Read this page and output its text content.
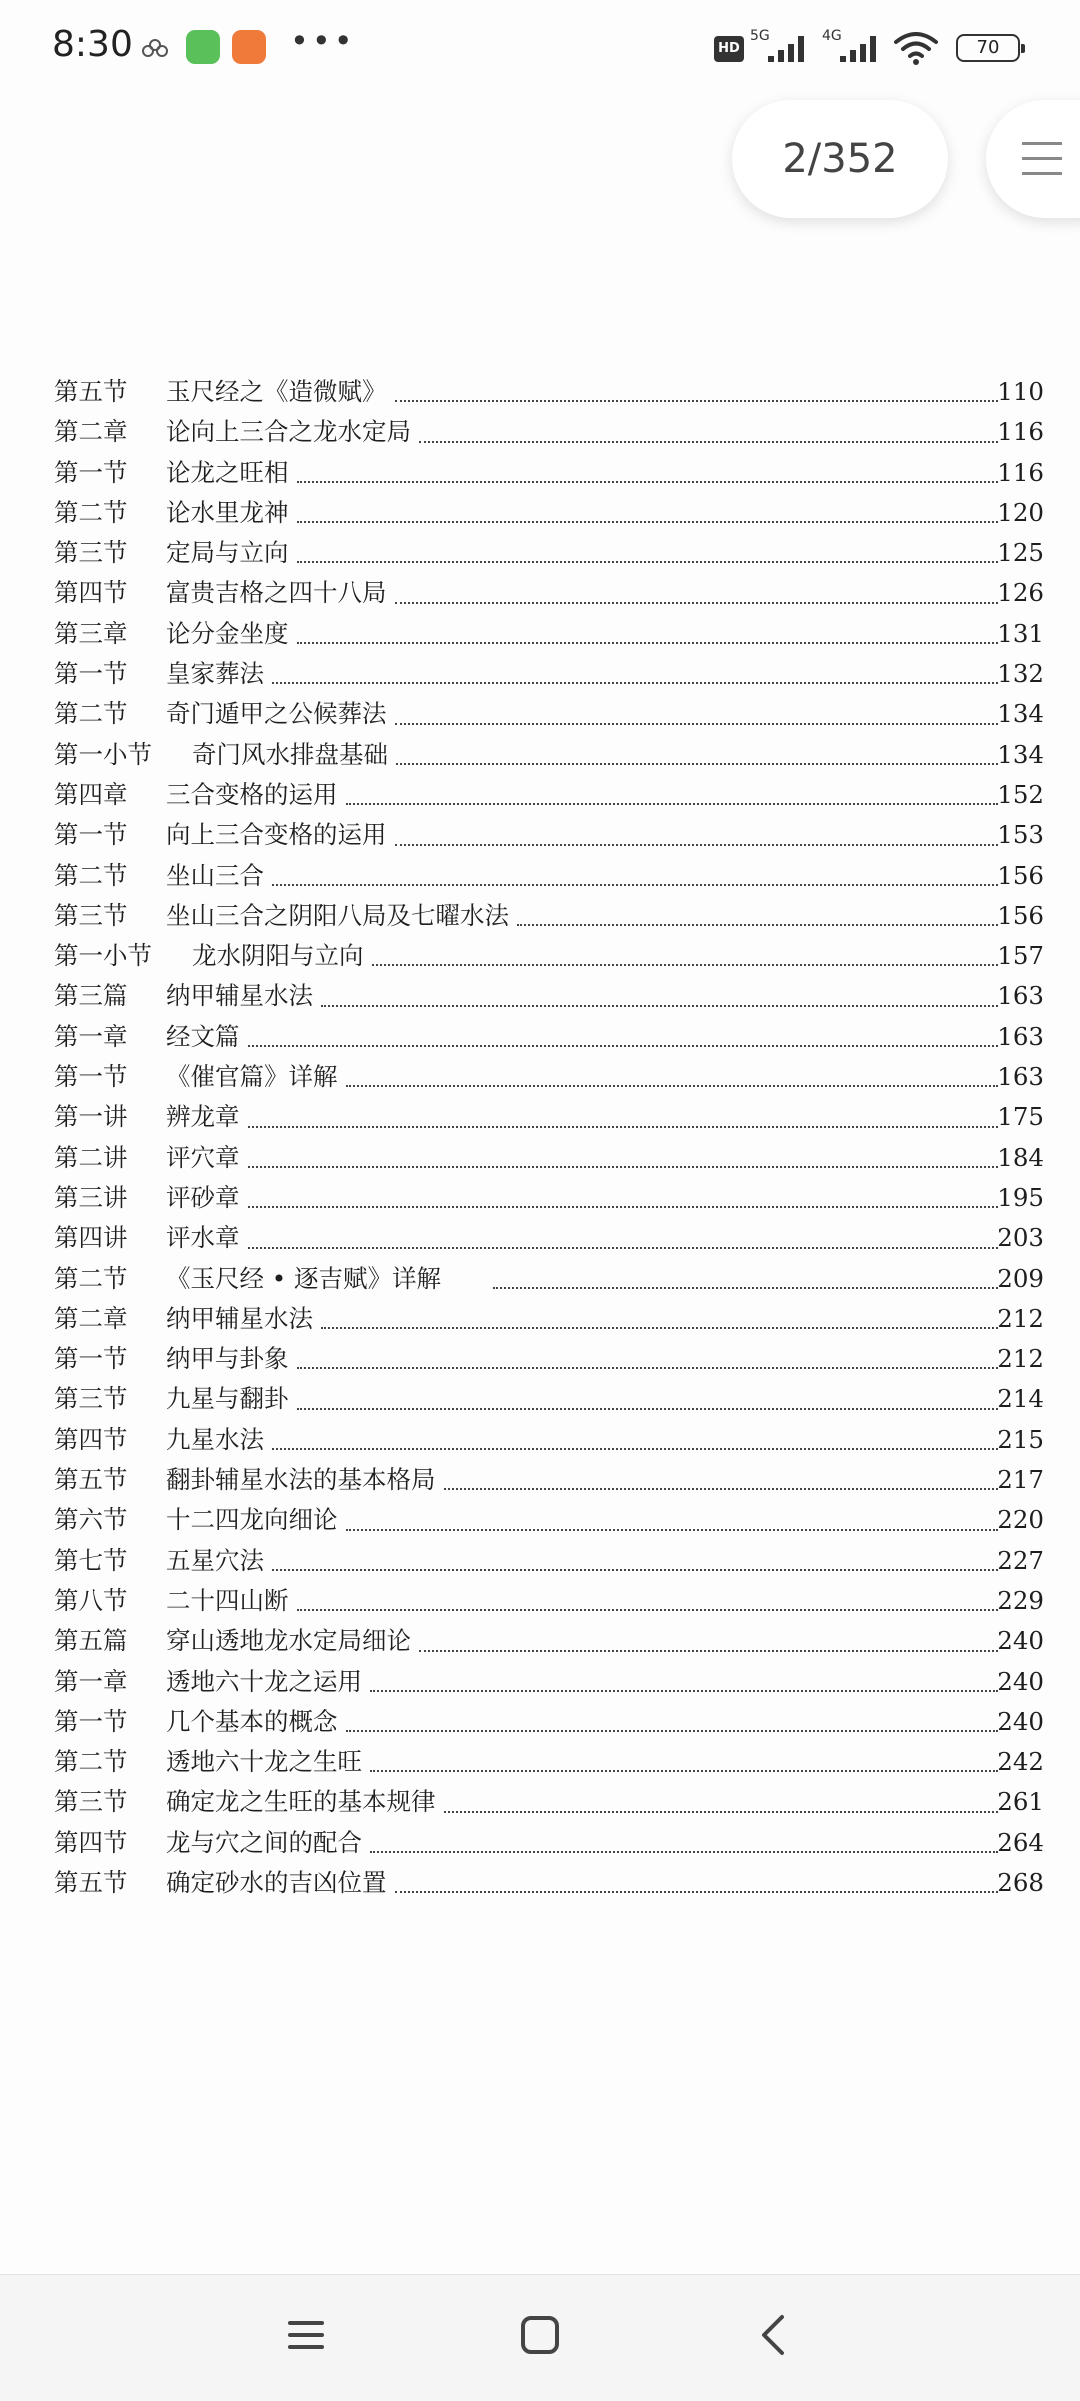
8:30	•••	HD
5G	4G
70
2/352
第五节 玉尺经之《造微赋》	110
第二章 论向上三合之龙水定局	116
第一节 论龙之旺相	116
第二节 论水里龙神	120
第三节 定局与立向	125
第四节 富贵吉格之四十八局	126
第三章 论分金坐度	131
第一节 皇家葬法	132
第二节 奇门遁甲之公候葬法	134
第一小节 奇门风水排盘基础	134
第四章 三合变格的运用	152
第一节 向上三合变格的运用	153
第二节 坐山三合	156
第三节 坐山三合之阴阳八局及七曜水法	156
第一小节 龙水阴阳与立向	157
第三篇 纳甲辅星水法	163
第一章 经文篇	163
第一节 《催官篇》详解	163
第一讲 辨龙章	175
第二讲 评穴章	184
第三讲 评砂章	195
第四讲 评水章	203
第二节 《玉尺经 • 逐吉赋》详解	209
第二章 纳甲辅星水法	212
第一节 纳甲与卦象	212
第三节 九星与翻卦	214
第四节 九星水法	215
第五节 翻卦辅星水法的基本格局	217
第六节 十二四龙向细论	220
第七节 五星穴法	227
第八节 二十四山断	229
第五篇 穿山透地龙水定局细论	240
第一章 透地六十龙之运用	240
第一节 几个基本的概念	240
第二节 透地六十龙之生旺	242
第三节 确定龙之生旺的基本规律	261
第四节 龙与穴之间的配合	264
第五节 确定砂水的吉凶位置	268
